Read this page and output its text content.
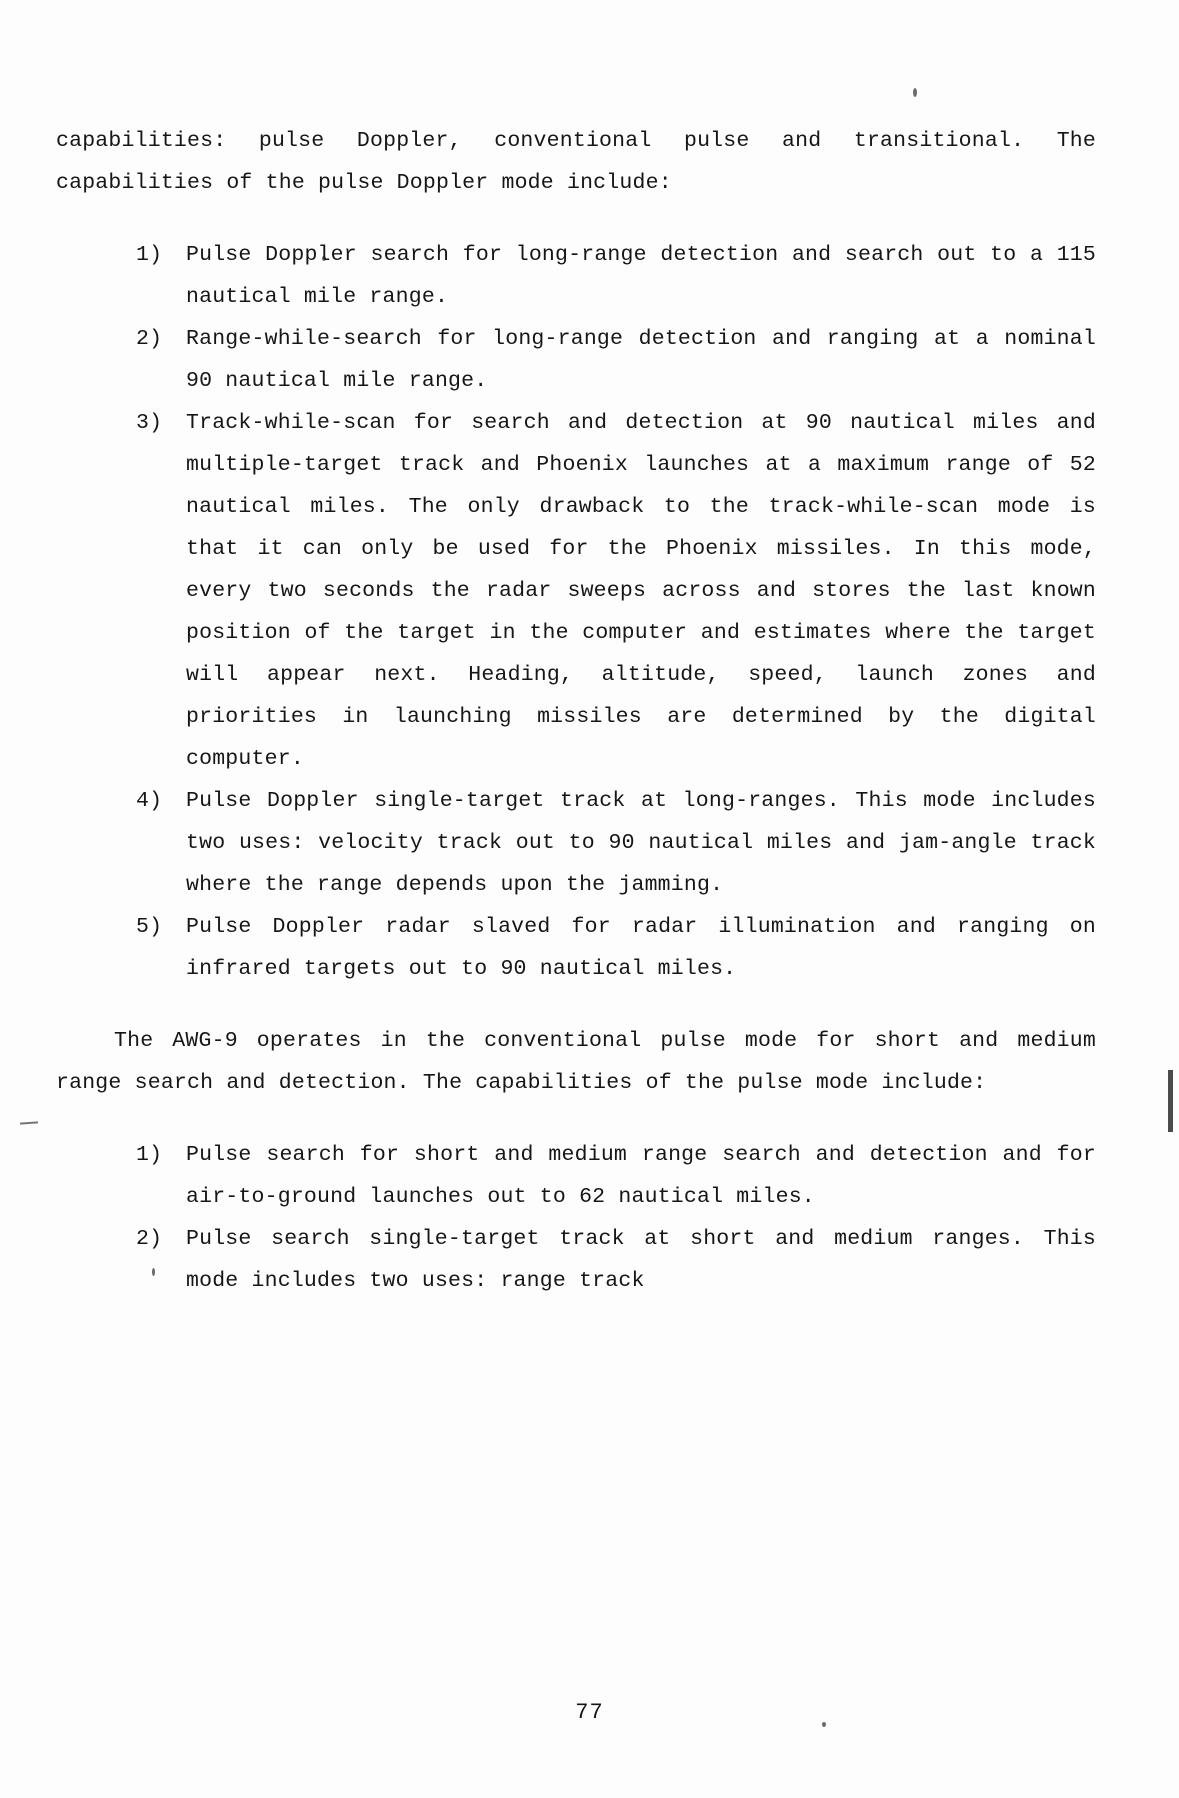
capabilities: pulse Doppler, conventional pulse and transitional. The capabilities of the pulse Doppler mode include:

1)	Pulse Doppler search for long-range detection and search out to a 115 nautical mile range.
2)	Range-while-search for long-range detection and ranging at a nominal 90 nautical mile range.
3)	Track-while-scan for search and detection at 90 nautical miles and multiple-target track and Phoenix launches at a maximum range of 52 nautical miles. The only drawback to the track-while-scan mode is that it can only be used for the Phoenix missiles. In this mode, every two seconds the radar sweeps across and stores the last known position of the target in the computer and estimates where the target will appear next. Heading, altitude, speed, launch zones and priorities in launching missiles are determined by the digital computer.
4)	Pulse Doppler single-target track at long-ranges. This mode includes two uses: velocity track out to 90 nautical miles and jam-angle track where the range depends upon the jamming.
5)	Pulse Doppler radar slaved for radar illumination and ranging on infrared targets out to 90 nautical miles.

The AWG-9 operates in the conventional pulse mode for short and medium range search and detection. The capabilities of the pulse mode include:

1)	Pulse search for short and medium range search and detection and for air-to-ground launches out to 62 nautical miles.
2)	Pulse search single-target track at short and medium ranges. This mode includes two uses: range track
77
